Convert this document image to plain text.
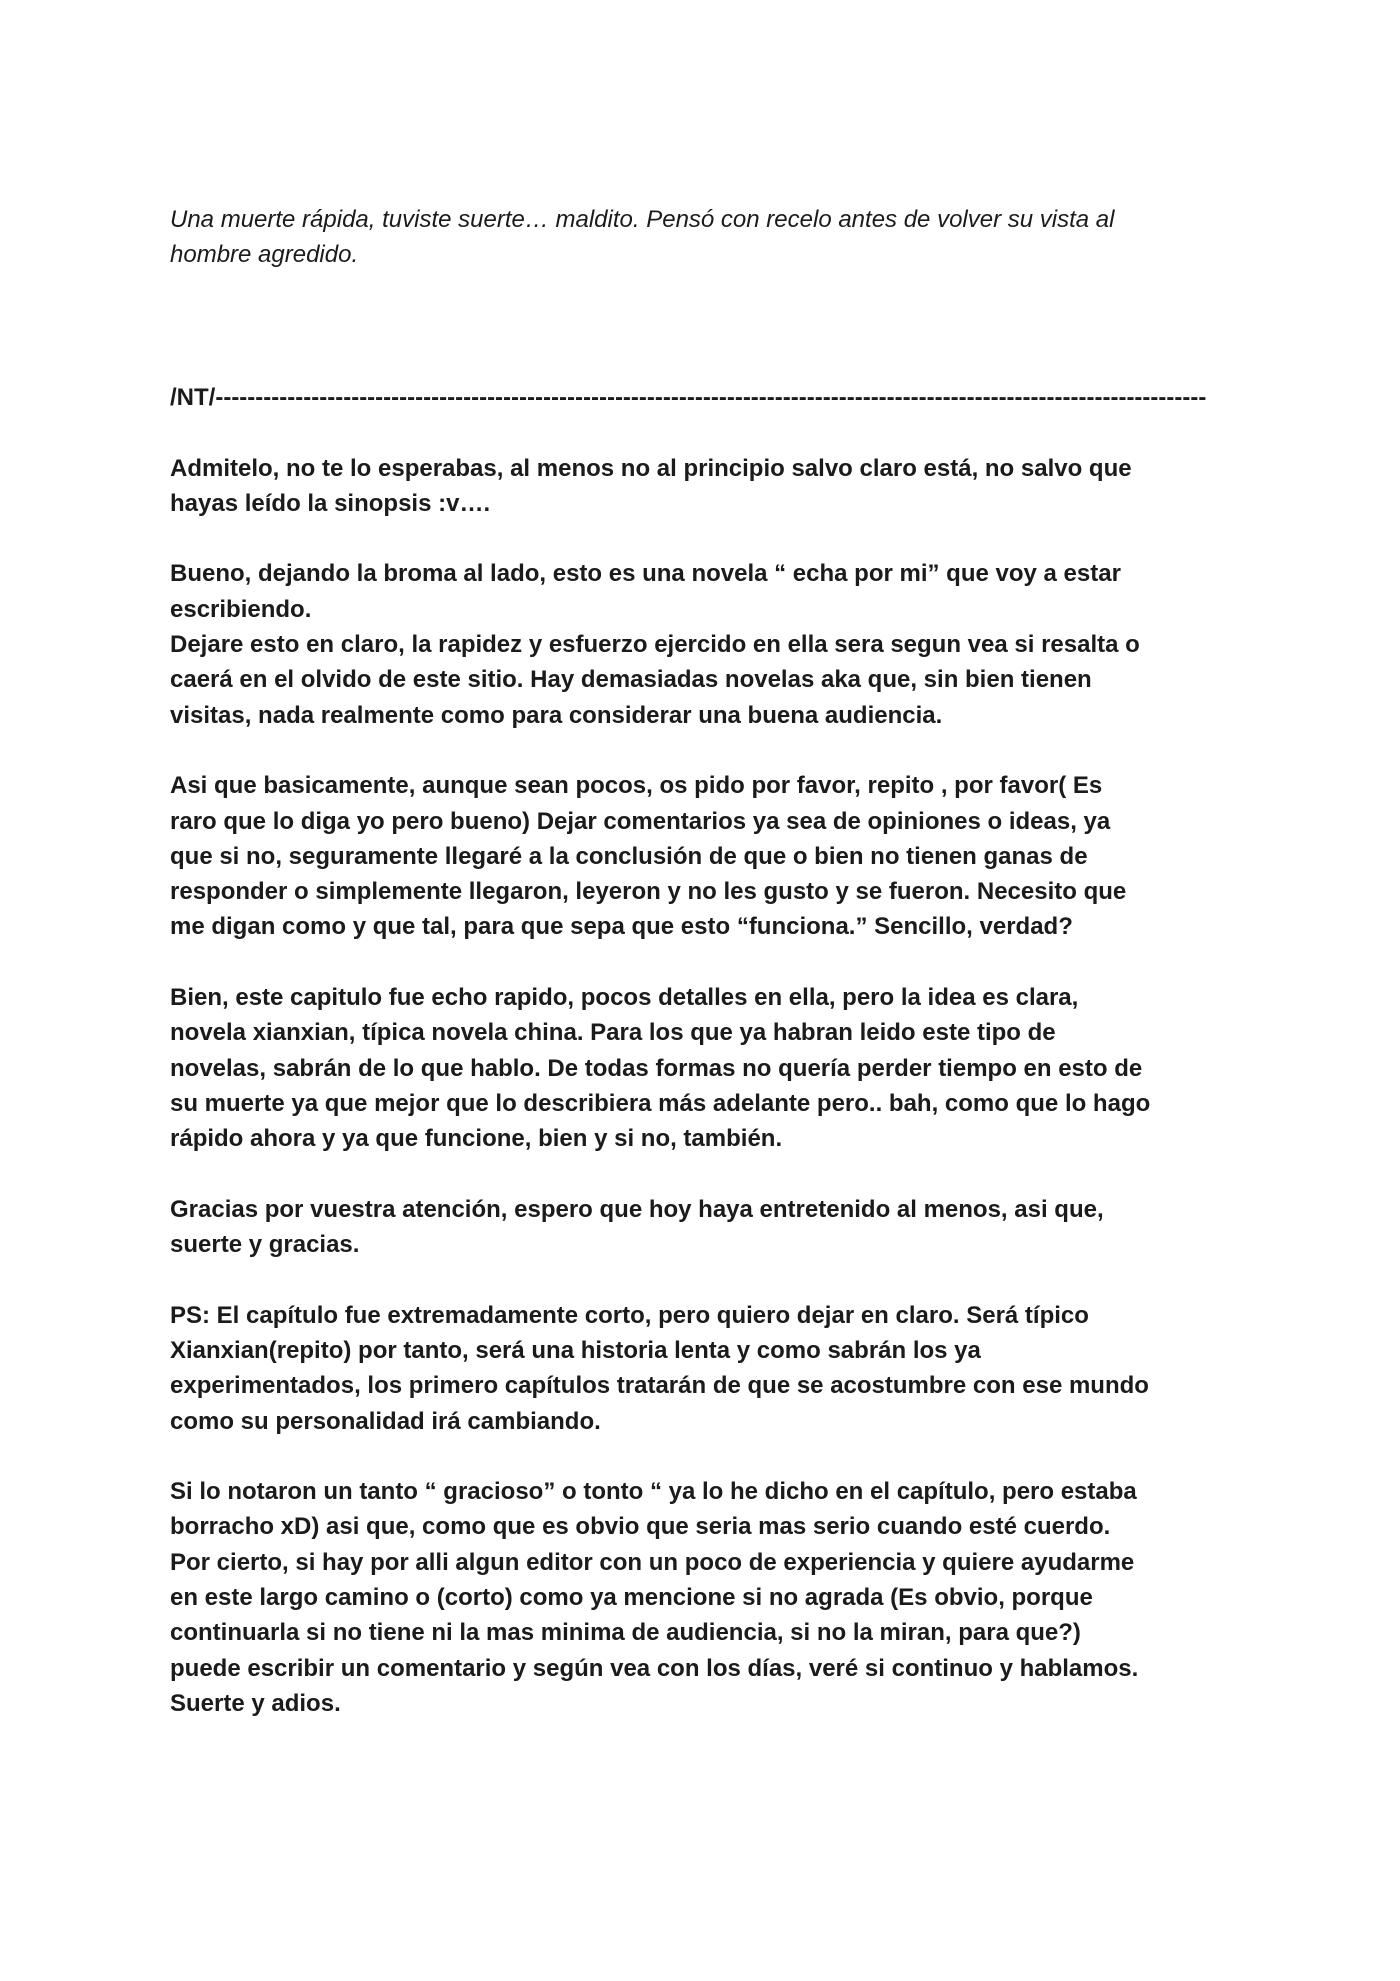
Una muerte rápida, tuviste suerte… maldito. Pensó con recelo antes de volver su vista al
hombre agredido.
/NT/----------------------------------------------------------------------------------------------------------------------------
Admitelo, no te lo esperabas, al menos no al principio salvo claro está, no salvo que
hayas leído la sinopsis :v….
Bueno, dejando la broma al lado, esto es una novela “ echa por mi” que voy a estar
escribiendo.
Dejare esto en claro, la rapidez y esfuerzo ejercido en ella sera segun vea si resalta o
caerá en el olvido de este sitio. Hay demasiadas novelas aka que, sin bien tienen
visitas, nada realmente como para considerar una buena audiencia.
Asi que basicamente, aunque sean pocos, os pido por favor, repito , por favor( Es
raro que lo diga yo pero bueno) Dejar comentarios ya sea de opiniones o ideas, ya
que si no, seguramente llegaré a la conclusión de que o bien no tienen ganas de
responder o simplemente llegaron, leyeron y no les gusto y se fueron. Necesito que
me digan como y que tal, para que sepa que esto “funciona.” Sencillo, verdad?
Bien, este capitulo fue echo rapido, pocos detalles en ella, pero la idea es clara,
novela xianxian, típica novela china. Para los que ya habran leido este tipo de
novelas, sabrán de lo que hablo. De todas formas no quería perder tiempo en esto de
su muerte ya que mejor que lo describiera más adelante pero.. bah, como que lo hago
rápido ahora y ya que funcione, bien y si no, también.
Gracias por vuestra atención, espero que hoy haya entretenido al menos, asi que,
suerte y gracias.
PS: El capítulo fue extremadamente corto, pero quiero dejar en claro. Será típico
Xianxian(repito) por tanto, será una historia lenta y como sabrán los ya
experimentados, los primero capítulos tratarán de que se acostumbre con ese mundo
como su personalidad irá cambiando.
Si lo notaron un tanto “ gracioso” o tonto “ ya lo he dicho en el capítulo, pero estaba
borracho xD) asi que, como que es obvio que seria mas serio cuando esté cuerdo.
Por cierto, si hay por alli algun editor con un poco de experiencia y quiere ayudarme
en este largo camino o (corto) como ya mencione si no agrada (Es obvio, porque
continuarla si no tiene ni la mas minima de audiencia, si no la miran, para que?)
puede escribir un comentario y según vea con los días, veré si continuo y hablamos.
Suerte y adios.
